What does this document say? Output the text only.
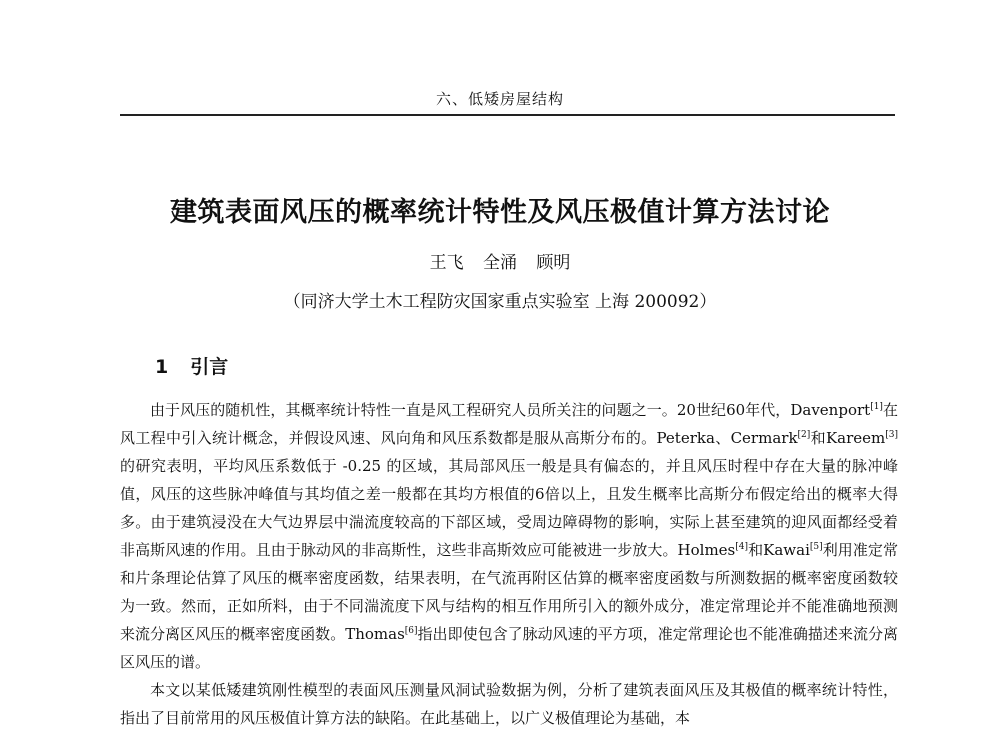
六、低矮房屋结构
建筑表面风压的概率统计特性及风压极值计算方法讨论
王飞 全涌 顾明
（同济大学土木工程防灾国家重点实验室 上海 200092）
1 引言

由于风压的随机性，其概率统计特性一直是风工程研究人员所关注的问题之一。20世纪60年代，Davenport[1]在风工程中引入统计概念，并假设风速、风向角和风压系数都是服从高斯分布的。Peterka、Cermark[2]和Kareem[3]的研究表明，平均风压系数低于 -0.25 的区域，其局部风压一般是具有偏态的，并且风压时程中存在大量的脉冲峰值，风压的这些脉冲峰值与其均值之差一般都在其均方根值的6倍以上，且发生概率比高斯分布假定给出的概率大得多。由于建筑浸没在大气边界层中湍流度较高的下部区域，受周边障碍物的影响，实际上甚至建筑的迎风面都经受着非高斯风速的作用。且由于脉动风的非高斯性，这些非高斯效应可能被进一步放大。Holmes[4]和Kawai[5]利用准定常和片条理论估算了风压的概率密度函数，结果表明，在气流再附区估算的概率密度函数与所测数据的概率密度函数较为一致。然而，正如所料，由于不同湍流度下风与结构的相互作用所引入的额外成分，准定常理论并不能准确地预测来流分离区风压的概率密度函数。Thomas[6]指出即使包含了脉动风速的平方项，准定常理论也不能准确描述来流分离区风压的谱。

本文以某低矮建筑刚性模型的表面风压测量风洞试验数据为例，分析了建筑表面风压及其极值的概率统计特性，指出了目前常用的风压极值计算方法的缺陷。在此基础上，以广义极值理论为基础，本
